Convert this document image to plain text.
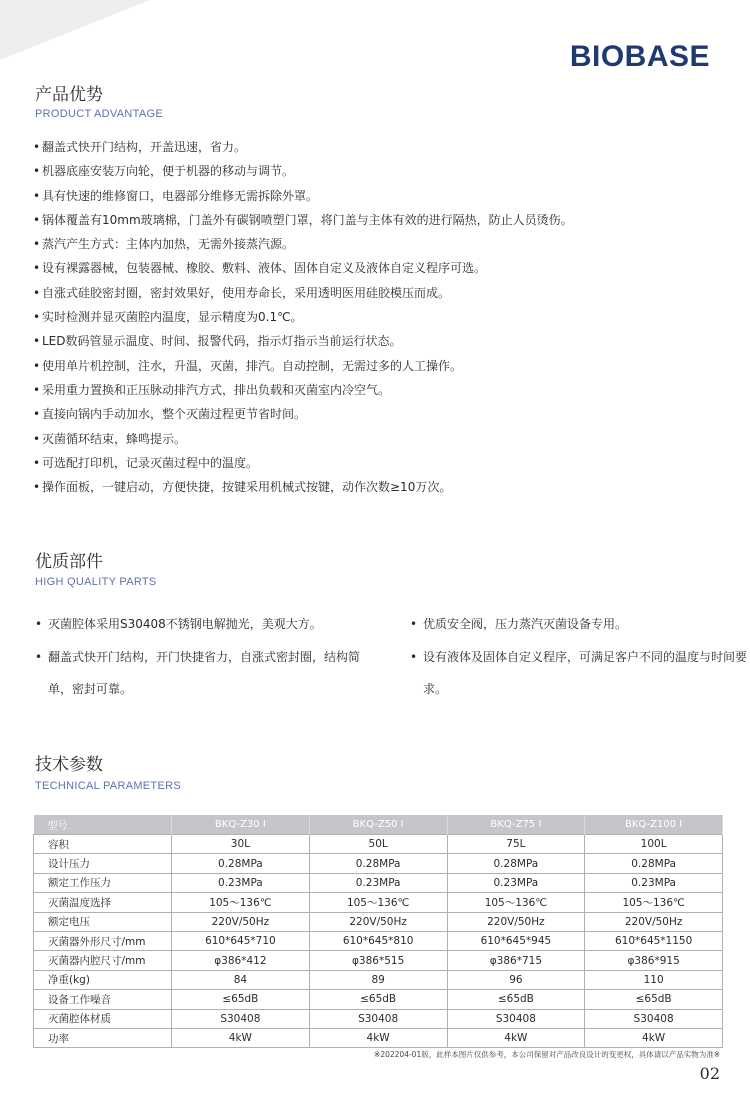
BIOBASE
产品优势
PRODUCT ADVANTAGE
• 翻盖式快开门结构，开盖迅速，省力。
• 机器底座安装万向轮，便于机器的移动与调节。
• 具有快速的维修窗口，电器部分维修无需拆除外罩。
• 锅体覆盖有10mm玻璃棉，门盖外有碳钢喷塑门罩，将门盖与主体有效的进行隔热，防止人员烫伤。
• 蒸汽产生方式：主体内加热，无需外接蒸汽源。
• 设有裸露器械，包装器械、橡胶、敷料、液体、固体自定义及液体自定义程序可选。
• 自涨式硅胶密封圈，密封效果好，使用寿命长，采用透明医用硅胶模压而成。
• 实时检测并显灭菌腔内温度，显示精度为0.1℃。
• LED数码管显示温度、时间、报警代码，指示灯指示当前运行状态。
• 使用单片机控制，注水，升温，灭菌，排汽。自动控制，无需过多的人工操作。
• 采用重力置换和正压脉动排汽方式，排出负载和灭菌室内冷空气。
• 直接向锅内手动加水，整个灭菌过程更节省时间。
• 灭菌循环结束，蜂鸣提示。
• 可选配打印机，记录灭菌过程中的温度。
• 操作面板，一键启动，方便快捷，按键采用机械式按键，动作次数≥10万次。
优质部件
HIGH QUALITY PARTS
• 灭菌腔体采用S30408不锈钢电解抛光，美观大方。
• 翻盖式快开门结构，开门快捷省力，自涨式密封圈，结构简单，密封可靠。
• 优质安全阀，压力蒸汽灭菌设备专用。
• 设有液体及固体自定义程序，可满足客户不同的温度与时间要求。
技术参数
TECHNICAL PARAMETERS
型号	BKQ-Z30 I	BKQ-Z50 I	BKQ-Z75 I	BKQ-Z100 I
容积	30L	50L	75L	100L
设计压力	0.28MPa	0.28MPa	0.28MPa	0.28MPa
额定工作压力	0.23MPa	0.23MPa	0.23MPa	0.23MPa
灭菌温度选择	105～136℃	105～136℃	105～136℃	105～136℃
额定电压	220V/50Hz	220V/50Hz	220V/50Hz	220V/50Hz
灭菌器外形尺寸/mm	610*645*710	610*645*810	610*645*945	610*645*1150
灭菌器内腔尺寸/mm	φ386*412	φ386*515	φ386*715	φ386*915
净重(kg)	84	89	96	110
设备工作噪音	≤65dB	≤65dB	≤65dB	≤65dB
灭菌腔体材质	S30408	S30408	S30408	S30408
功率	4kW	4kW	4kW	4kW
※202204-01版，此样本图片仅供参考，本公司保留对产品改良设计的变更权，具体请以产品实物为准※
02
